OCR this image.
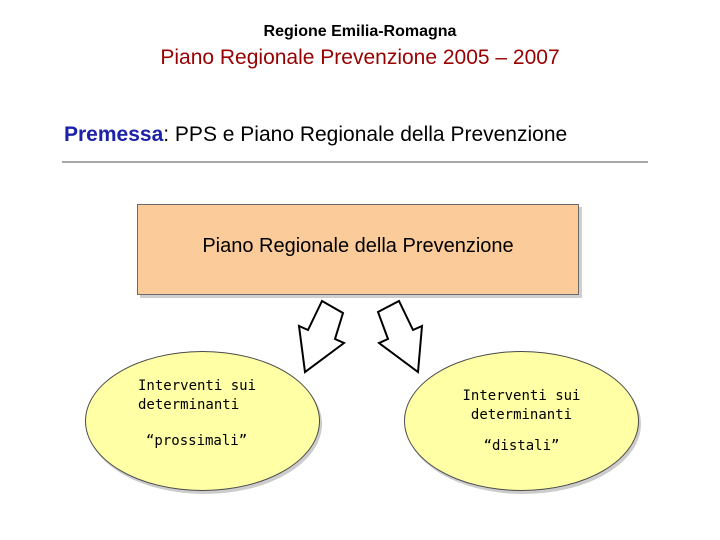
Regione Emilia-Romagna
Piano Regionale Prevenzione 2005 – 2007
Premessa: PPS e Piano Regionale della Prevenzione
Piano Regionale della Prevenzione
Interventi sui
determinanti
“prossimali”
Interventi sui
determinanti
“distali”
